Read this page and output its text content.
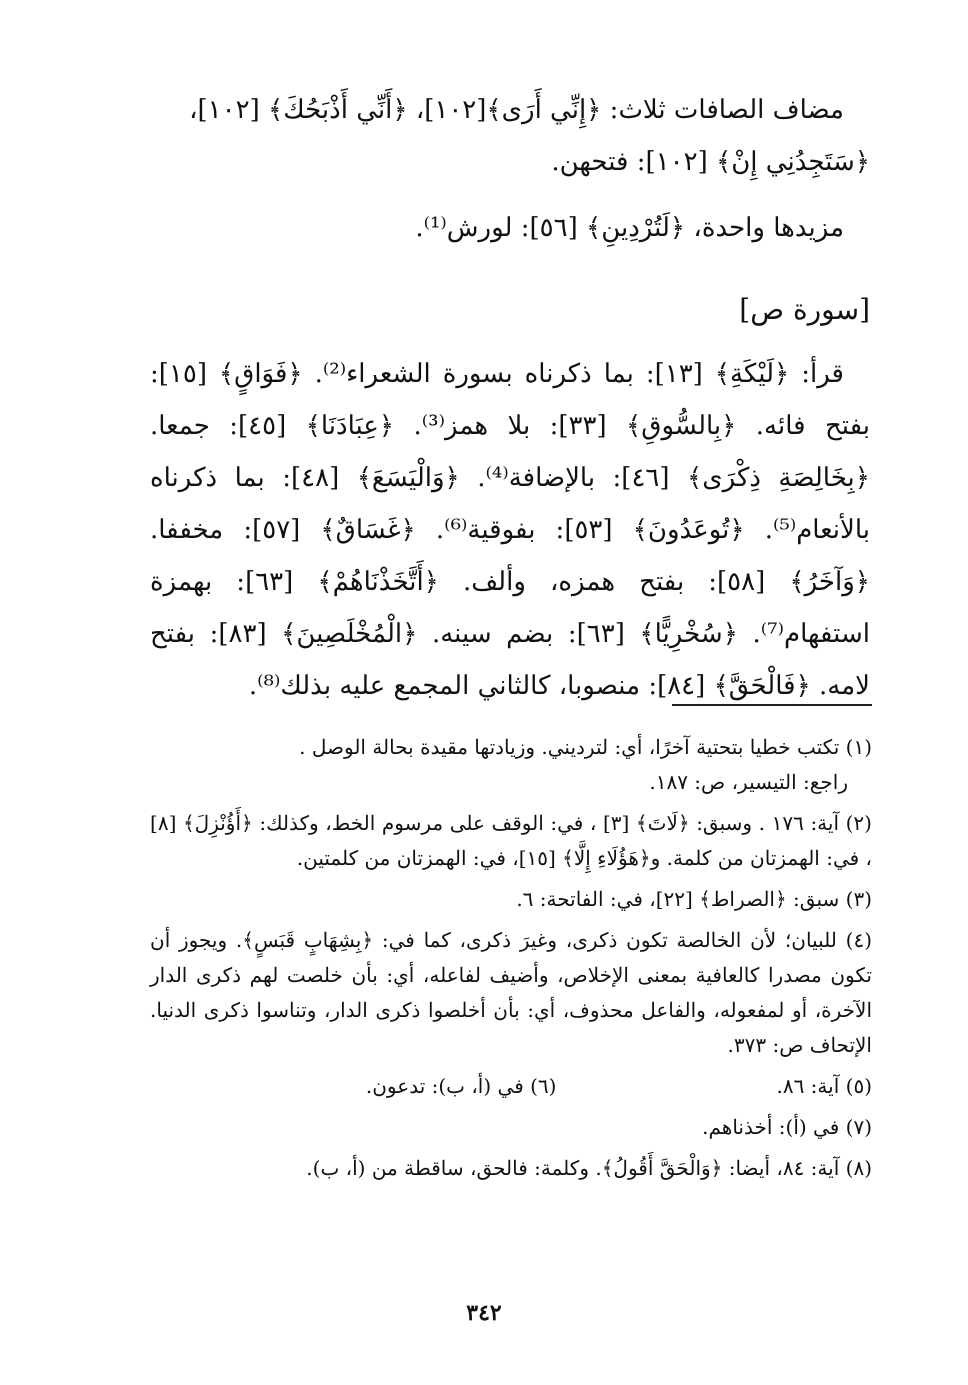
مضاف الصافات ثلاث: ﴿إِنِّي أَرَى﴾[١٠٢]، ﴿أَنِّي أَذْبَحُكَ﴾ [١٠٢]،

﴿سَتَجِدُنِي إِنْ﴾ [١٠٢]: فتحهن.

مزيدها واحدة، ﴿لَتُرْدِينِ﴾ [٥٦]: لورش⁽¹⁾.

[سورة ص]

قرأ: ﴿لَيْكَةِ﴾ [١٣]: بما ذكرناه بسورة الشعراء⁽²⁾. ﴿فَوَاقٍ﴾ [١٥]: بفتح فائه. ﴿بِالسُّوقِ﴾ [٣٣]: بلا همز⁽³⁾. ﴿عِبَادَنَا﴾ [٤٥]: جمعا. ﴿بِخَالِصَةِ ذِكْرَى﴾ [٤٦]: بالإضافة⁽⁴⁾. ﴿وَالْيَسَعَ﴾ [٤٨]: بما ذكرناه بالأنعام⁽⁵⁾. ﴿تُوعَدُونَ﴾ [٥٣]: بفوقية⁽⁶⁾. ﴿غَسَاقٌ﴾ [٥٧]: مخففا. ﴿وَآخَرُ﴾ [٥٨]: بفتح همزه، وألف. ﴿أَتَّخَذْنَاهُمْ﴾ [٦٣]: بهمزة استفهام⁽⁷⁾. ﴿سُخْرِيًّا﴾ [٦٣]: بضم سينه. ﴿الْمُخْلَصِينَ﴾ [٨٣]: بفتح لامه. ﴿فَالْحَقَّ﴾ [٨٤]: منصوبا، كالثاني المجمع عليه بذلك⁽⁸⁾.

(١) تكتب خطيا بتحتية آخرًا، أي: لترديني. وزيادتها مقيدة بحالة الوصل .

راجع: التيسير، ص: ١٨٧.

(٢) آية: ١٧٦ . وسبق: ﴿لَاتَ﴾ [٣] ، في: الوقف على مرسوم الخط، وكذلك: ﴿أَؤُنْزِلَ﴾ [٨] ، في: الهمزتان من كلمة. و﴿هَؤُلَاءِ إِلَّا﴾ [١٥]، في: الهمزتان من كلمتين.

(٣) سبق: ﴿الصراط﴾ [٢٢]، في: الفاتحة: ٦.

(٤) للبيان؛ لأن الخالصة تكون ذكرى، وغيرَ ذكرى، كما في: ﴿بِشِهَابٍ قَبَسٍ﴾. ويجوز أن تكون مصدرا كالعافية بمعنى الإخلاص، وأضيف لفاعله، أي: بأن خلصت لهم ذكرى الدار الآخرة، أو لمفعوله، والفاعل محذوف، أي: بأن أخلصوا ذكرى الدار، وتناسوا ذكرى الدنيا. الإتحاف ص: ٣٧٣.

(٥) آية: ٨٦.
(٦) في (أ، ب): تدعون.

(٧) في (أ): أخذناهم.

(٨) آية: ٨٤، أيضا: ﴿وَالْحَقَّ أَقُولُ﴾. وكلمة: فالحق، ساقطة من (أ، ب).

٣٤٢
